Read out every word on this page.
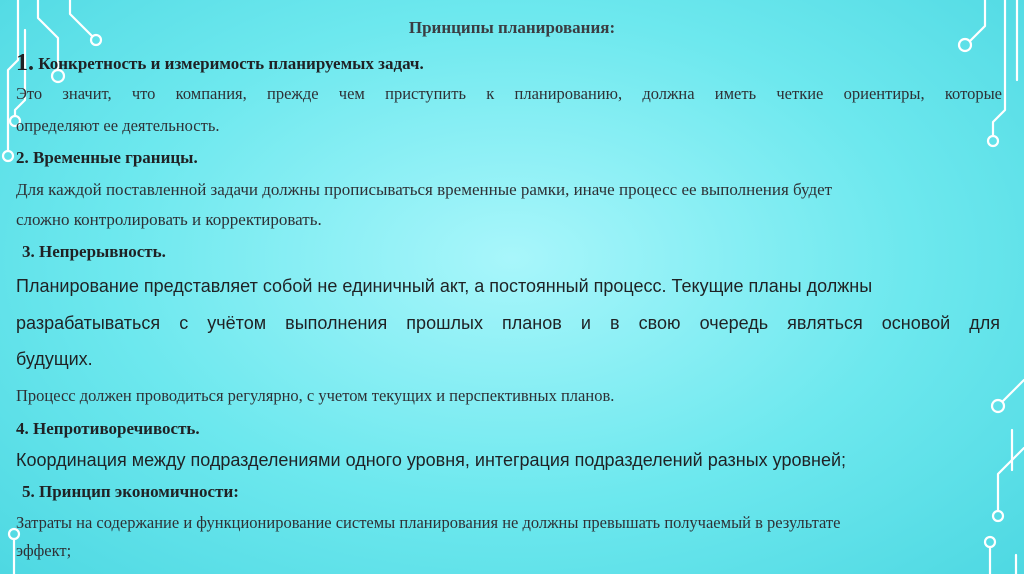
Принципы планирования:
1. Конкретность и измеримость планируемых задач.
Это значит, что компания, прежде чем приступить к планированию, должна иметь четкие ориентиры, которые
определяют ее деятельность.
2. Временные границы.
Для каждой поставленной задачи должны прописываться временные рамки, иначе процесс ее выполнения будет
сложно контролировать и корректировать.
3. Непрерывность.
Планирование представляет собой не единичный акт, а постоянный процесс. Текущие планы должны
разрабатываться с учётом выполнения прошлых планов и в свою очередь являться основой для
будущих.
Процесс должен проводиться регулярно, с учетом текущих и перспективных планов.
4. Непротиворечивость.
Координация между подразделениями одного уровня, интеграция подразделений разных уровней;
5. Принцип экономичности:
Затраты на содержание и функционирование системы планирования не должны превышать получаемый в результате
эффект;
